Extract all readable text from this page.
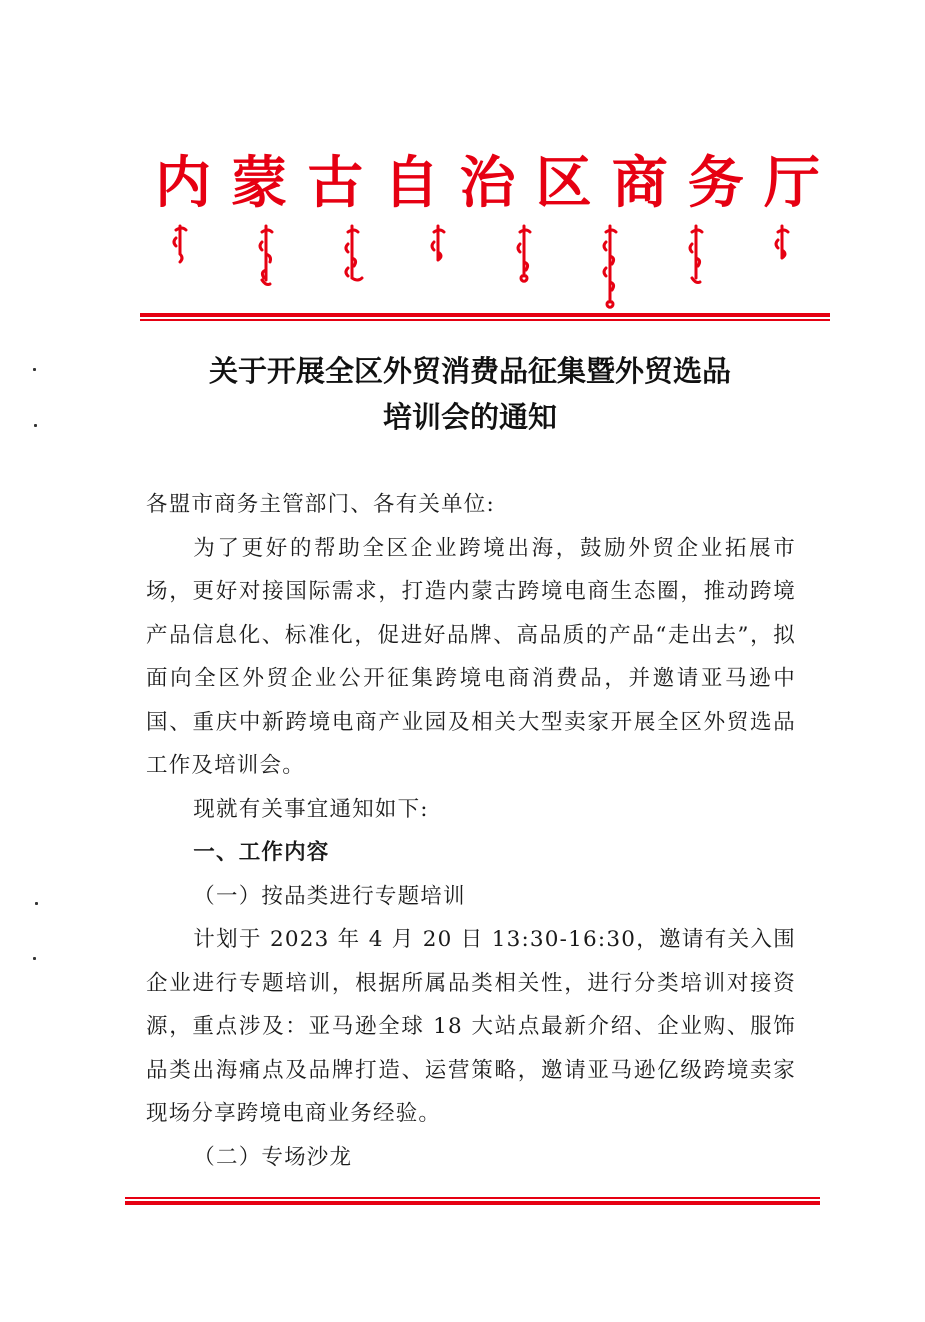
内 蒙 古 自 治 区 商 务 厅
关于开展全区外贸消费品征集暨外贸选品
培训会的通知

各盟市商务主管部门、各有关单位:

为了更好的帮助全区企业跨境出海，鼓励外贸企业拓展市场，更好对接国际需求，打造内蒙古跨境电商生态圈，推动跨境产品信息化、标准化，促进好品牌、高品质的产品“走出去”，拟面向全区外贸企业公开征集跨境电商消费品，并邀请亚马逊中国、重庆中新跨境电商产业园及相关大型卖家开展全区外贸选品工作及培训会。

现就有关事宜通知如下:

一、工作内容

（一）按品类进行专题培训

计划于 2023 年 4 月 20 日 13:30-16:30，邀请有关入围企业进行专题培训，根据所属品类相关性，进行分类培训对接资源，重点涉及：亚马逊全球 18 大站点最新介绍、企业购、服饰品类出海痛点及品牌打造、运营策略，邀请亚马逊亿级跨境卖家现场分享跨境电商业务经验。

（二）专场沙龙
